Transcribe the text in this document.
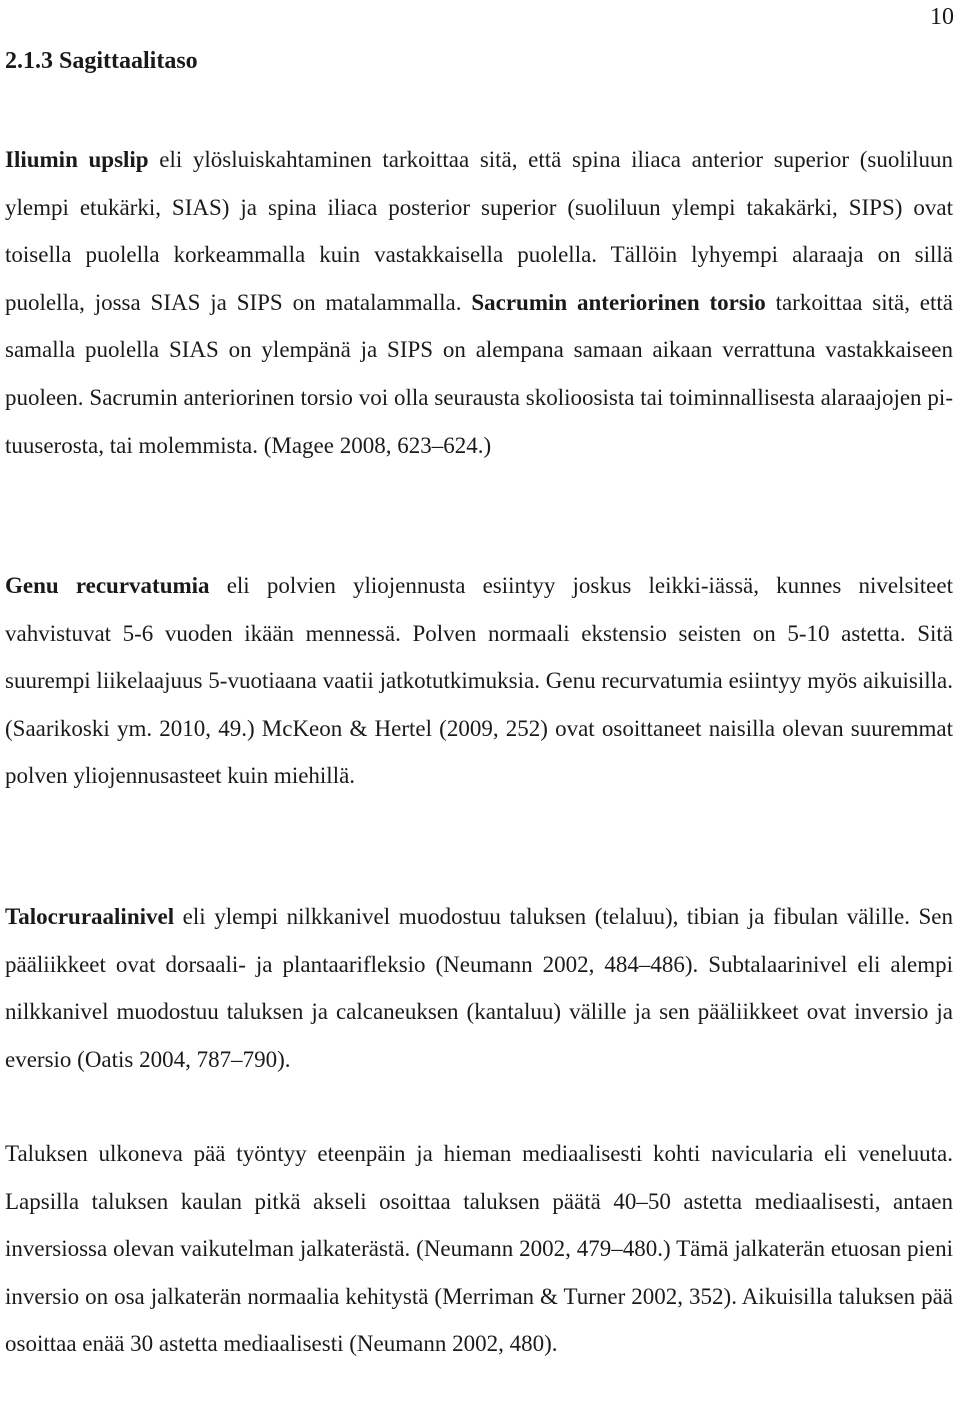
10
2.1.3 Sagittaalitaso

Iliumin upslip eli ylösluiskahtaminen tarkoittaa sitä, että spina iliaca anterior superior (suoliluun ylempi etukärki, SIAS) ja spina iliaca posterior superior (suoliluun ylempi takakärki, SIPS) ovat toisella puolella korkeammalla kuin vastakkaisella puolella. Tällöin lyhyempi alaraaja on sillä puolella, jossa SIAS ja SIPS on matalammalla. Sacrumin anteriorinen torsio tarkoittaa sitä, että samalla puolella SIAS on ylempänä ja SIPS on alempana samaan aikaan verrattuna vastakkaiseen puoleen. Sacrumin anteriorinen torsio voi olla seurausta skolioosista tai toiminnallisesta alaraajojen pituuserosta, tai molemmista. (Magee 2008, 623–624.)

Genu recurvatumia eli polvien yliojennusta esiintyy joskus leikki-iässä, kunnes nivelsiteet vahvistuvat 5-6 vuoden ikään mennessä. Polven normaali ekstensio seisten on 5-10 astetta. Sitä suurempi liikelaajuus 5-vuotiaana vaatii jatkotutkimuksia. Genu recurvatumia esiintyy myös aikuisilla. (Saarikoski ym. 2010, 49.) McKeon & Hertel (2009, 252) ovat osoittaneet naisilla olevan suuremmat polven yliojennusasteet kuin miehillä.

Talocruraalinivel eli ylempi nilkkanivel muodostuu taluksen (telaluu), tibian ja fibulan välille. Sen pääliikkeet ovat dorsaali- ja plantaarifleksio (Neumann 2002, 484–486). Subtalaarinivel eli alempi nilkkanivel muodostuu taluksen ja calcaneuksen (kantaluu) välille ja sen pääliikkeet ovat inversio ja eversio (Oatis 2004, 787–790).

Taluksen ulkoneva pää työntyy eteenpäin ja hieman mediaalisesti kohti navicularia eli veneluuta. Lapsilla taluksen kaulan pitkä akseli osoittaa taluksen päätä 40–50 astetta mediaalisesti, antaen inversiossa olevan vaikutelman jalkaterästä. (Neumann 2002, 479–480.) Tämä jalkaterän etuosan pieni inversio on osa jalkaterän normaalia kehitystä (Merriman & Turner 2002, 352). Aikuisilla taluksen pää osoittaa enää 30 astetta mediaalisesti (Neumann 2002, 480).
